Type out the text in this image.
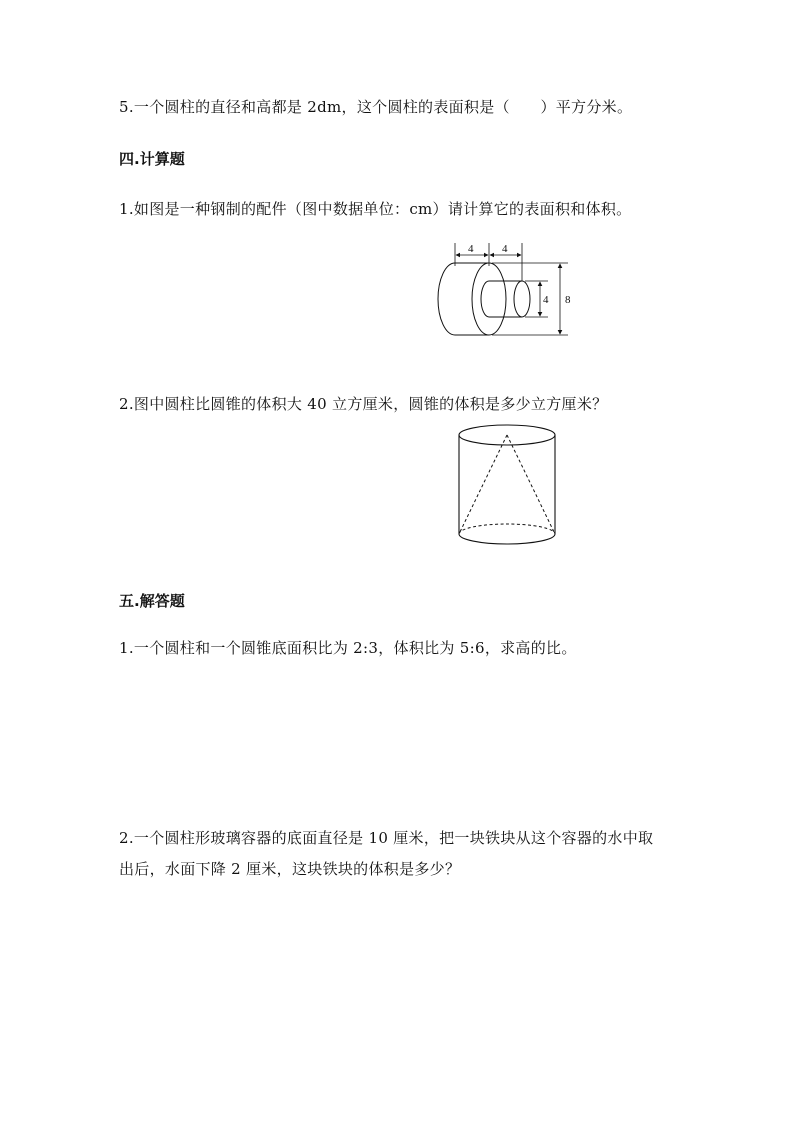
5.一个圆柱的直径和高都是 2dm，这个圆柱的表面积是（　　）平方分米。
四.计算题
1.如图是一种钢制的配件（图中数据单位：cm）请计算它的表面积和体积。
4	4
4 8
2.图中圆柱比圆锥的体积大 40 立方厘米，圆锥的体积是多少立方厘米？
五.解答题
1.一个圆柱和一个圆锥底面积比为 2:3，体积比为 5:6，求高的比。
2.一个圆柱形玻璃容器的底面直径是 10 厘米，把一块铁块从这个容器的水中取
出后，水面下降 2 厘米，这块铁块的体积是多少？
